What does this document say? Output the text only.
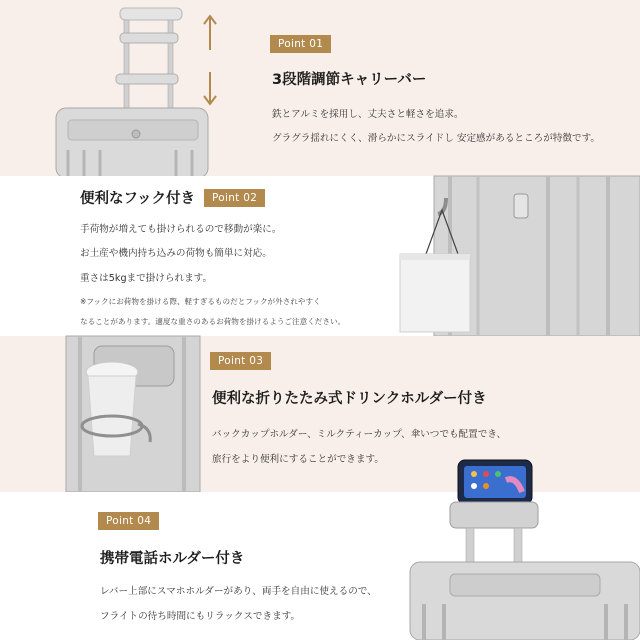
Point 01
3段階調節キャリーバー
鉄とアルミを採用し、丈夫さと軽さを追求。
グラグラ揺れにくく、滑らかにスライドし 安定感があるところが特徴です。
便利なフック付き	Point 02
手荷物が増えても掛けられるので移動が楽に。
お土産や機内持ち込みの荷物も簡単に対応。
重さは5kgまで掛けられます。
※フックにお荷物を掛ける際、軽すぎるものだとフックが外されやすく
なることがあります。適度な重さのあるお荷物を掛けるようご注意ください。
Point 03
便利な折りたたみ式ドリンクホルダー付き
バックカップホルダー、ミルクティーカップ、傘いつでも配置でき、
旅行をより便利にすることができます。
Point 04
携帯電話ホルダー付き
レバー上部にスマホホルダーがあり、両手を自由に使えるので、
フライトの待ち時間にもリラックスできます。
